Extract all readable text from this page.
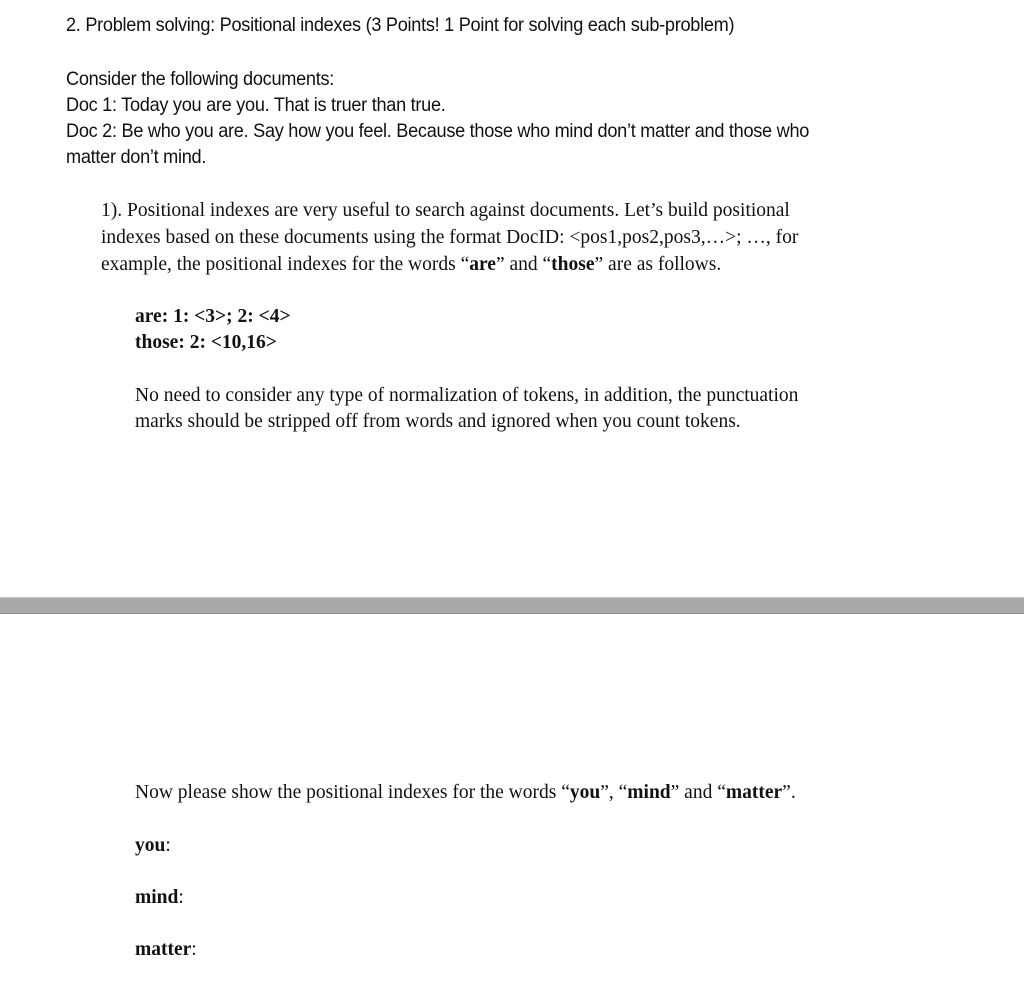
2. Problem solving: Positional indexes (3 Points! 1 Point for solving each sub-problem)
Consider the following documents:
Doc 1: Today you are you. That is truer than true.
Doc 2: Be who you are. Say how you feel. Because those who mind don’t matter and those who
matter don’t mind.
1). Positional indexes are very useful to search against documents. Let’s build positional
indexes based on these documents using the format DocID: <pos1,pos2,pos3,…>; …, for
example, the positional indexes for the words “are” and “those” are as follows.
are: 1: <3>; 2: <4>
those: 2: <10,16>
No need to consider any type of normalization of tokens, in addition, the punctuation
marks should be stripped off from words and ignored when you count tokens.
Now please show the positional indexes for the words “you”, “mind” and “matter”.
you:
mind:
matter:
